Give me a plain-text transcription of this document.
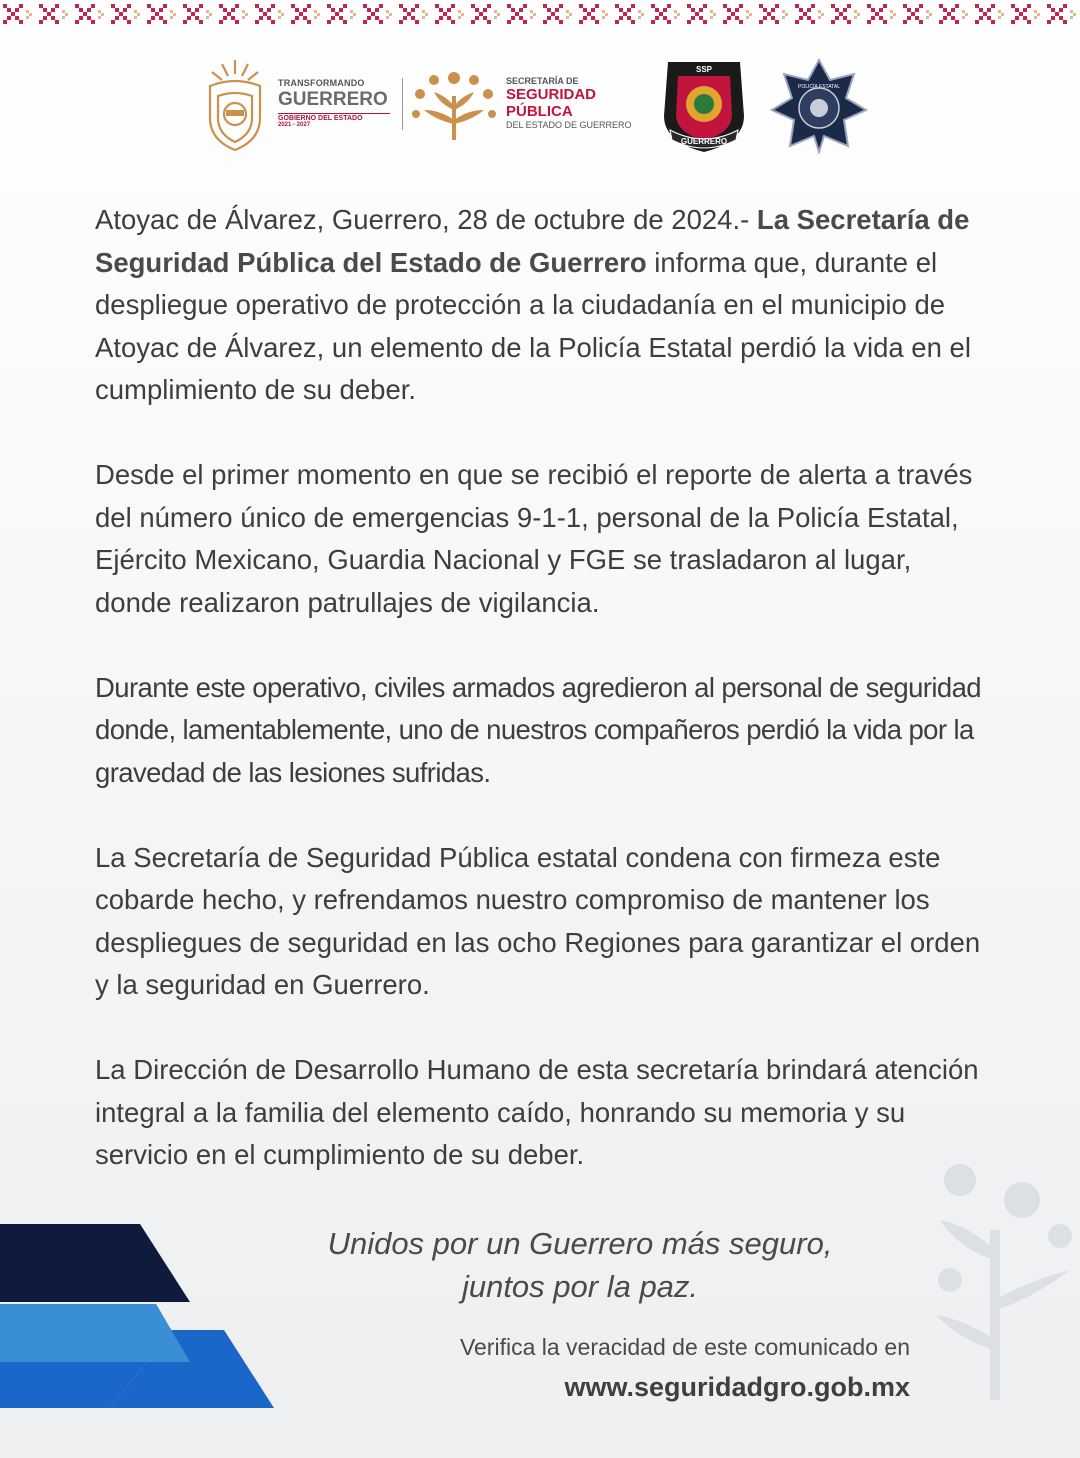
TRANSFORMANDO
GUERRERO
GOBIERNO DEL ESTADO
2021 - 2027
SECRETARÍA DE
SEGURIDAD
PÚBLICA
DEL ESTADO DE GUERRERO
SSP
GUERRERO
POLICÍA ESTATAL

Atoyac de Álvarez, Guerrero, 28 de octubre de 2024.- La Secretaría de Seguridad Pública del Estado de Guerrero informa que, durante el despliegue operativo de protección a la ciudadanía en el municipio de Atoyac de Álvarez, un elemento de la Policía Estatal perdió la vida en el cumplimiento de su deber.

Desde el primer momento en que se recibió el reporte de alerta a través del número único de emergencias 9-1-1, personal de la Policía Estatal, Ejército Mexicano, Guardia Nacional y FGE se trasladaron al lugar, donde realizaron patrullajes de vigilancia.

Durante este operativo, civiles armados agredieron al personal de seguridad donde, lamentablemente, uno de nuestros compañeros perdió la vida por la gravedad de las lesiones sufridas.

La Secretaría de Seguridad Pública estatal condena con firmeza este cobarde hecho, y refrendamos nuestro compromiso de mantener los despliegues de seguridad en las ocho Regiones para garantizar el orden y la seguridad en Guerrero.

La Dirección de Desarrollo Humano de esta secretaría brindará atención integral a la familia del elemento caído, honrando su memoria y su servicio en el cumplimiento de su deber.

Unidos por un Guerrero más seguro,
juntos por la paz.
Verifica la veracidad de este comunicado en
www.seguridadgro.gob.mx
